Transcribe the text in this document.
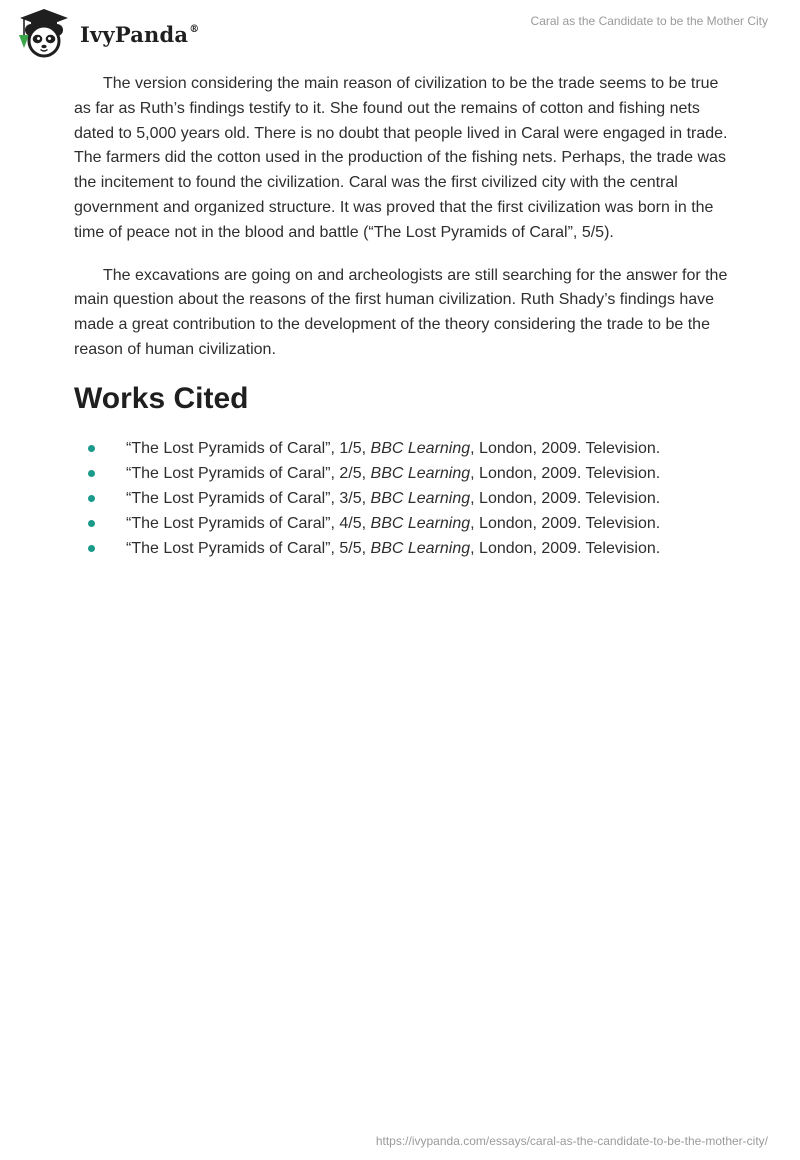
IvyPanda®
Caral as the Candidate to be the Mother City

The version considering the main reason of civilization to be the trade seems to be true as far as Ruth’s findings testify to it. She found out the remains of cotton and fishing nets dated to 5,000 years old. There is no doubt that people lived in Caral were engaged in trade. The farmers did the cotton used in the production of the fishing nets. Perhaps, the trade was the incitement to found the civilization. Caral was the first civilized city with the central government and organized structure. It was proved that the first civilization was born in the time of peace not in the blood and battle (“The Lost Pyramids of Caral”, 5/5).

The excavations are going on and archeologists are still searching for the answer for the main question about the reasons of the first human civilization. Ruth Shady’s findings have made a great contribution to the development of the theory considering the trade to be the reason of human civilization.

Works Cited
“The Lost Pyramids of Caral”, 1/5, BBC Learning, London, 2009. Television.
“The Lost Pyramids of Caral”, 2/5, BBC Learning, London, 2009. Television.
“The Lost Pyramids of Caral”, 3/5, BBC Learning, London, 2009. Television.
“The Lost Pyramids of Caral”, 4/5, BBC Learning, London, 2009. Television.
“The Lost Pyramids of Caral”, 5/5, BBC Learning, London, 2009. Television.
https://ivypanda.com/essays/caral-as-the-candidate-to-be-the-mother-city/
